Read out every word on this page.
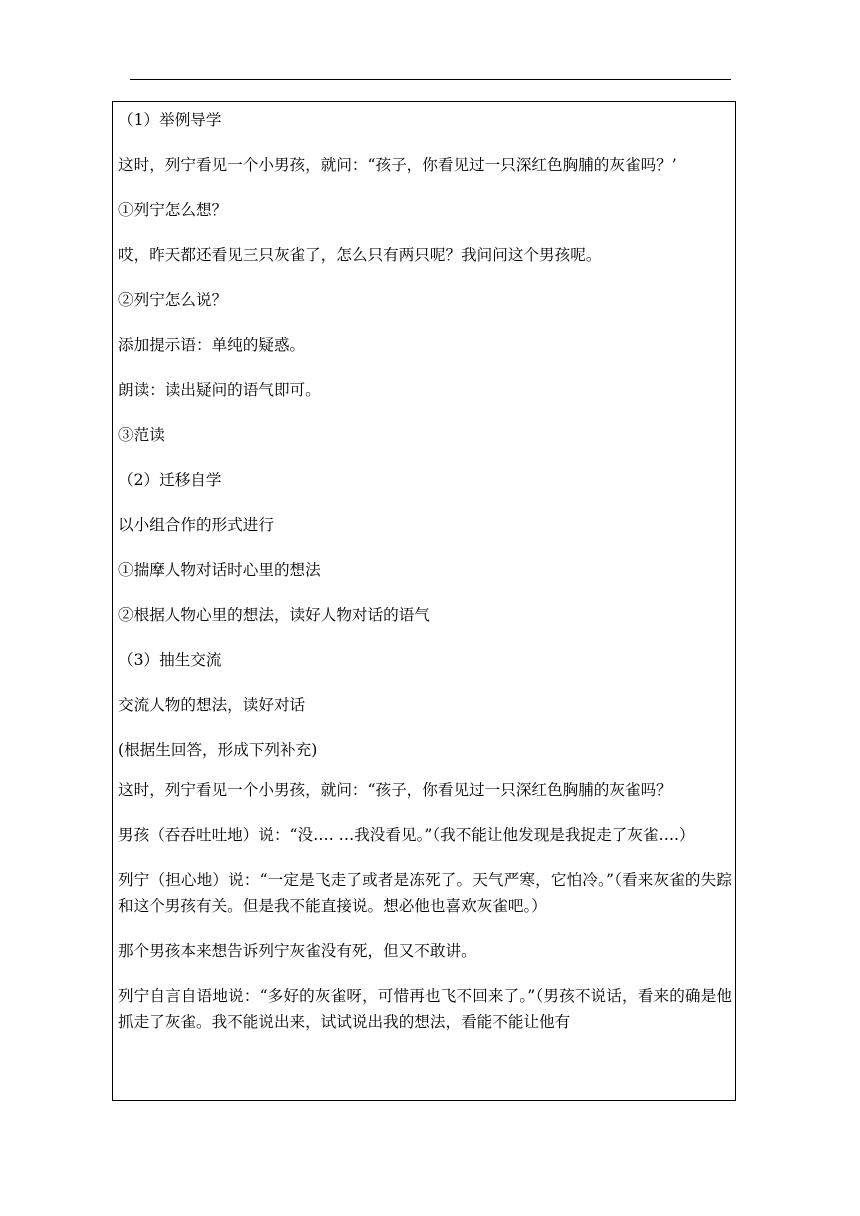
（1）举例导学

这时，列宁看见一个小男孩，就问：“孩子，你看见过一只深红色胸脯的灰雀吗？’

①列宁怎么想？

哎，昨天都还看见三只灰雀了，怎么只有两只呢？我问问这个男孩呢。

②列宁怎么说？

添加提示语：单纯的疑惑。

朗读：读出疑问的语气即可。

③范读

（2）迁移自学

以小组合作的形式进行

①揣摩人物对话时心里的想法

②根据人物心里的想法，读好人物对话的语气

（3）抽生交流

交流人物的想法，读好对话

(根据生回答，形成下列补充)

这时，列宁看见一个小男孩，就问：“孩子，你看见过一只深红色胸脯的灰雀吗？

男孩（吞吞吐吐地）说：“没…. …我没看见。”（我不能让他发现是我捉走了灰雀….）

列宁（担心地）说：“一定是飞走了或者是冻死了。天气严寒，它怕冷。”（看来灰雀的失踪和这个男孩有关。但是我不能直接说。想必他也喜欢灰雀吧。）

那个男孩本来想告诉列宁灰雀没有死，但又不敢讲。

列宁自言自语地说：“多好的灰雀呀，可惜再也飞不回来了。”（男孩不说话，看来的确是他抓走了灰雀。我不能说出来，试试说出我的想法，看能不能让他有
